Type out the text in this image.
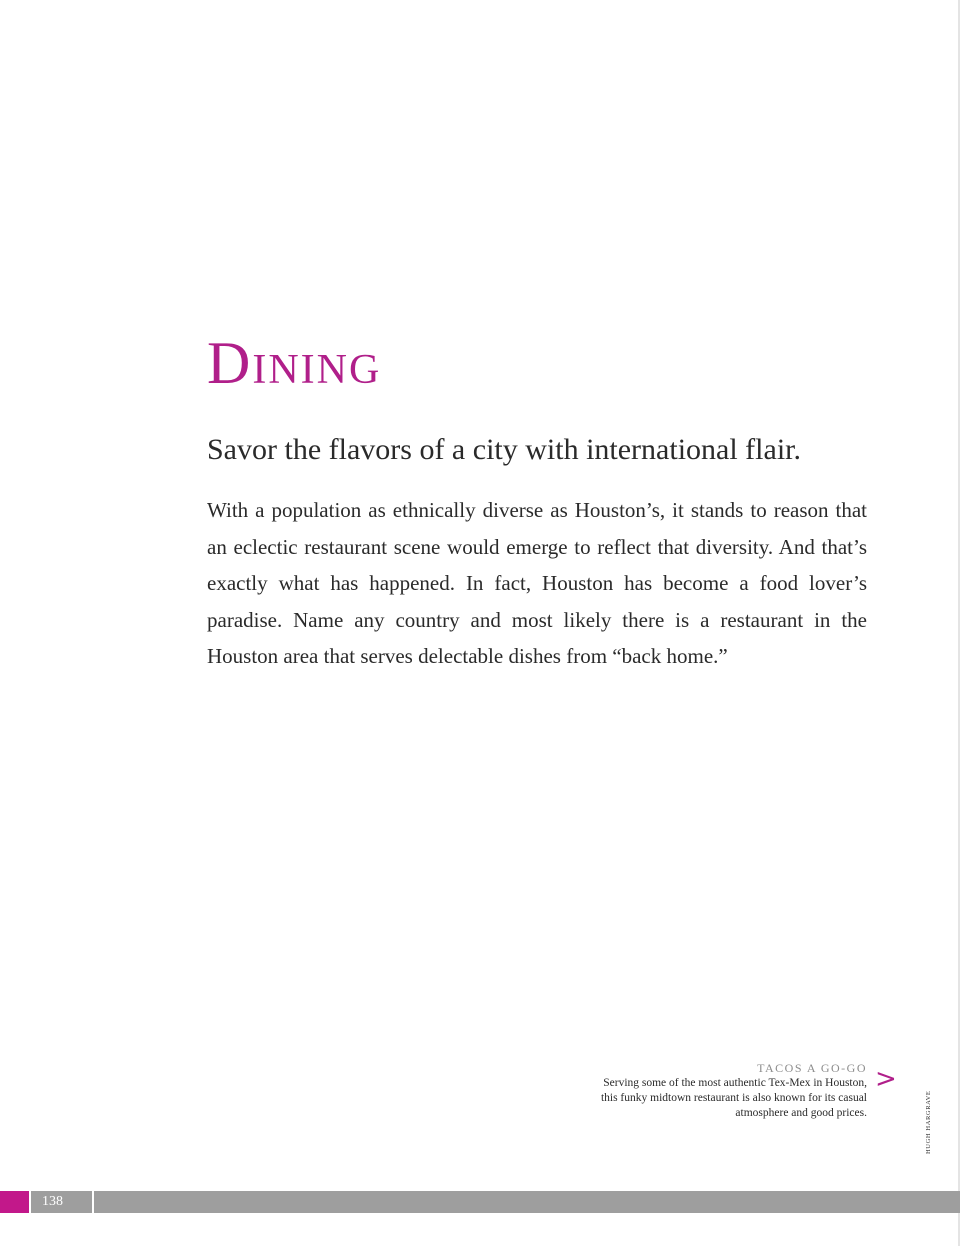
Dining
Savor the flavors of a city with international flair.

With a population as ethnically diverse as Houston’s, it stands to reason that an eclectic restaurant scene would emerge to reflect that diversity. And that’s exactly what has happened. In fact, Houston has become a food lover’s paradise. Name any country and most likely there is a restaurant in the Houston area that serves delectable dishes from “back home.”

TACOS A GO-GO
Serving some of the most authentic Tex-Mex in Houston,
this funky midtown restaurant is also known for its casual
atmosphere and good prices.
>
HUGH HARGRAVE
138
